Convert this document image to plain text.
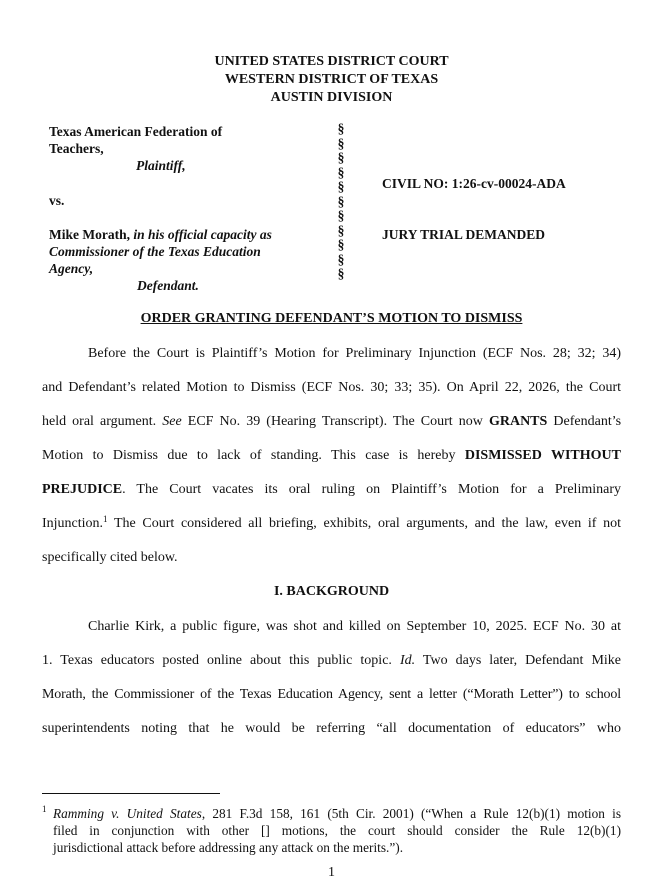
UNITED STATES DISTRICT COURT
WESTERN DISTRICT OF TEXAS
AUSTIN DIVISION
Texas American Federation of
Teachers,
Plaintiff,
vs.
Mike Morath, in his official capacity as
Commissioner of the Texas Education
Agency,
Defendant.
§
§
§
§
§
§
§
§
§
§
§
CIVIL NO: 1:26-cv-00024-ADA
JURY TRIAL DEMANDED
ORDER GRANTING DEFENDANT’S MOTION TO DISMISS
Before the Court is Plaintiff’s Motion for Preliminary Injunction (ECF Nos. 28; 32; 34)
and Defendant’s related Motion to Dismiss (ECF Nos. 30; 33; 35). On April 22, 2026, the Court
held oral argument. See ECF No. 39 (Hearing Transcript). The Court now GRANTS Defendant’s
Motion to Dismiss due to lack of standing. This case is hereby DISMISSED WITHOUT
PREJUDICE. The Court vacates its oral ruling on Plaintiff’s Motion for a Preliminary
Injunction.$^1$ The Court considered all briefing, exhibits, oral arguments, and the law, even if not
specifically cited below.
I. BACKGROUND
Charlie Kirk, a public figure, was shot and killed on September 10, 2025. ECF No. 30 at
1. Texas educators posted online about this public topic. Id. Two days later, Defendant Mike
Morath, the Commissioner of the Texas Education Agency, sent a letter (“Morath Letter”) to school
superintendents noting that he would be referring “all documentation of educators” who
1 Ramming v. United States, 281 F.3d 158, 161 (5th Cir. 2001) (“When a Rule 12(b)(1) motion is
filed in conjunction with other [] motions, the court should consider the Rule 12(b)(1)
jurisdictional attack before addressing any attack on the merits.”).
1
